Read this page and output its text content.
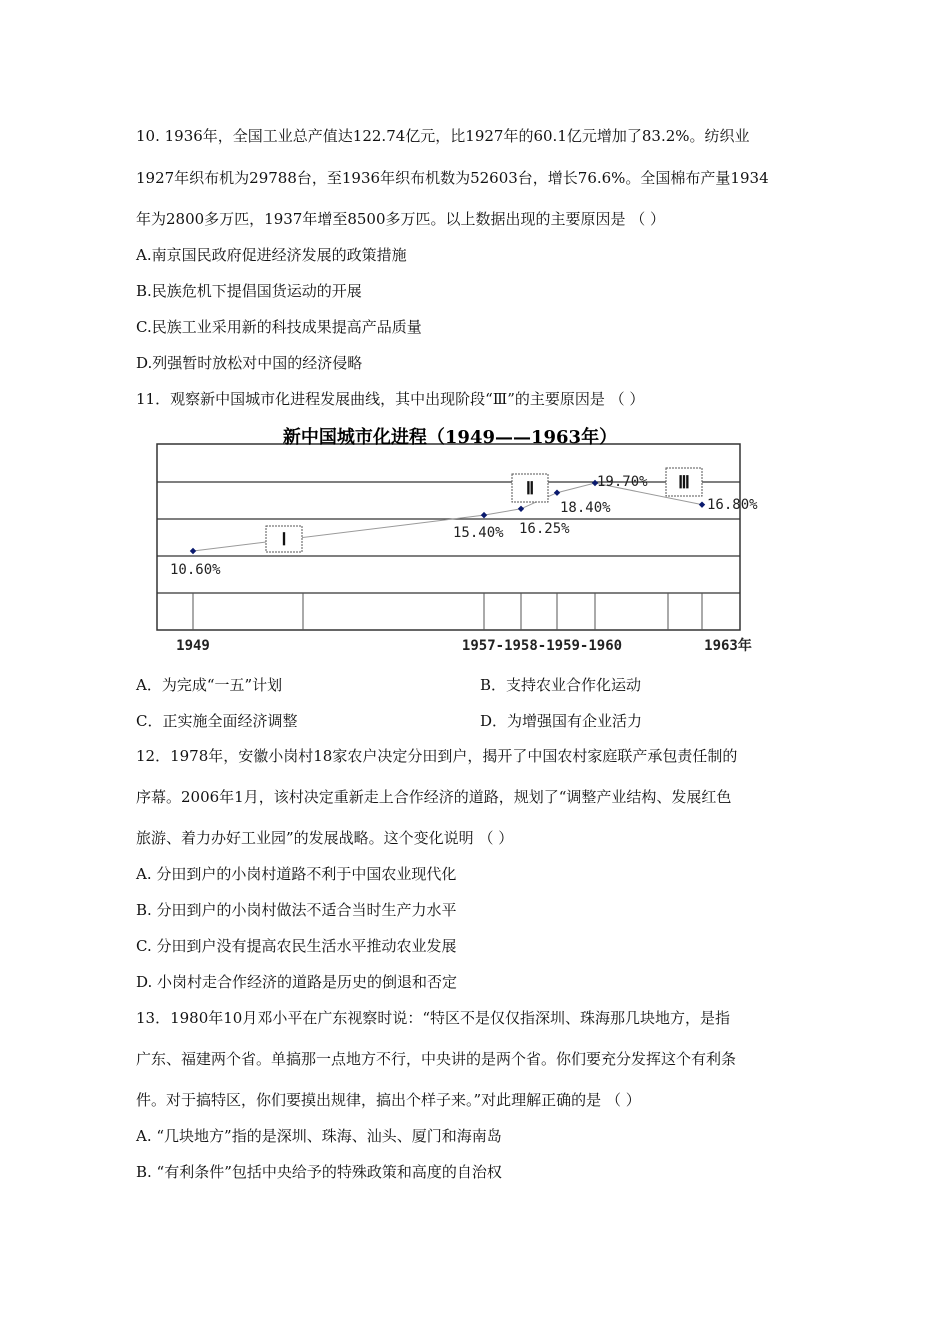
10. 1936年，全国工业总产值达122.74亿元，比1927年的60.1亿元增加了83.2%。纺织业
1927年织布机为29788台，至1936年织布机数为52603台，增长76.6%。全国棉布产量1934
年为2800多万匹，1937年增至8500多万匹。以上数据出现的主要原因是 （ ）
A.南京国民政府促进经济发展的政策措施
B.民族危机下提倡国货运动的开展
C.民族工业采用新的科技成果提高产品质量
D.列强暂时放松对中国的经济侵略
11．观察新中国城市化进程发展曲线，其中出现阶段“Ⅲ”的主要原因是 （ ）
新中国城市化进程（1949——1963年）
10.60%
15.40% 16.25%
18.40%
19.70%
16.80%
Ⅰ
Ⅱ	Ⅲ
1949	1957-1958-1959-1960	1963年
A．为完成“一五”计划	B．支持农业合作化运动
C．正实施全面经济调整	D．为增强国有企业活力
12．1978年，安徽小岗村18家农户决定分田到户，揭开了中国农村家庭联产承包责任制的
序幕。2006年1月，该村决定重新走上合作经济的道路，规划了“调整产业结构、发展红色
旅游、着力办好工业园”的发展战略。这个变化说明 （ ）
A. 分田到户的小岗村道路不利于中国农业现代化
B. 分田到户的小岗村做法不适合当时生产力水平
C. 分田到户没有提高农民生活水平推动农业发展
D. 小岗村走合作经济的道路是历史的倒退和否定
13．1980年10月邓小平在广东视察时说：“特区不是仅仅指深圳、珠海那几块地方，是指
广东、福建两个省。单搞那一点地方不行，中央讲的是两个省。你们要充分发挥这个有利条
件。对于搞特区，你们要摸出规律，搞出个样子来。”对此理解正确的是 （ ）
A. “几块地方”指的是深圳、珠海、汕头、厦门和海南岛
B. “有利条件”包括中央给予的特殊政策和高度的自治权
